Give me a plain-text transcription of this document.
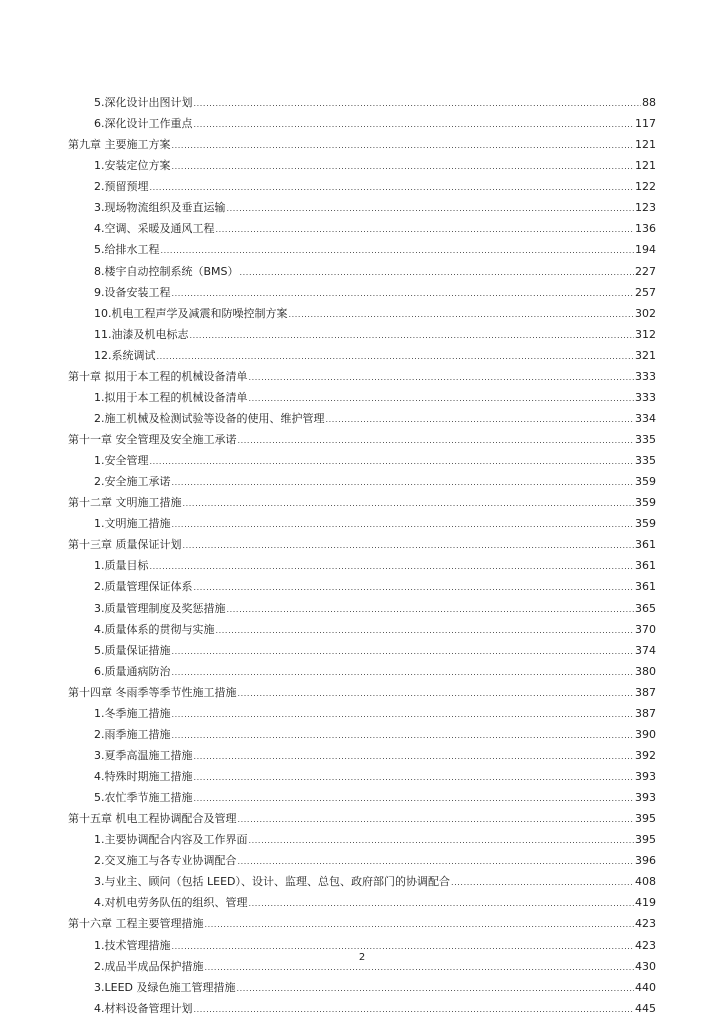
5.深化设计出图计划 .....	88
6.深化设计工作重点 .....	117
第九章 主要施工方案 .....	121
1.安装定位方案 .....	121
2.预留预埋 .....	122
3.现场物流组织及垂直运输 .....	123
4.空调、采暖及通风工程 .....	136
5.给排水工程 .....	194
8.楼宇自动控制系统（BMS） .....	227
9.设备安装工程 .....	257
10.机电工程声学及减震和防噪控制方案 .....	302
11.油漆及机电标志 .....	312
12.系统调试 .....	321
第十章 拟用于本工程的机械设备清单 .....	333
1.拟用于本工程的机械设备清单 .....	333
2.施工机械及检测试验等设备的使用、维护管理 .....	334
第十一章 安全管理及安全施工承诺 .....	335
1.安全管理 .....	335
2.安全施工承诺 .....	359
第十二章 文明施工措施 .....	359
1.文明施工措施 .....	359
第十三章 质量保证计划 .....	361
1.质量目标 .....	361
2.质量管理保证体系 .....	361
3.质量管理制度及奖惩措施 .....	365
4.质量体系的贯彻与实施 .....	370
5.质量保证措施 .....	374
6.质量通病防治 .....	380
第十四章 冬雨季等季节性施工措施 .....	387
1.冬季施工措施 .....	387
2.雨季施工措施 .....	390
3.夏季高温施工措施 .....	392
4.特殊时期施工措施 .....	393
5.农忙季节施工措施 .....	393
第十五章 机电工程协调配合及管理 .....	395
1.主要协调配合内容及工作界面 .....	395
2.交叉施工与各专业协调配合 .....	396
3.与业主、顾问（包括 LEED）、设计、监理、总包、政府部门的协调配合 .....	408
4.对机电劳务队伍的组织、管理 .....	419
第十六章 工程主要管理措施 .....	423
1.技术管理措施 .....	423
2.成品半成品保护措施 .....	430
3.LEED 及绿色施工管理措施 .....	440
4.材料设备管理计划 .....	445
2
